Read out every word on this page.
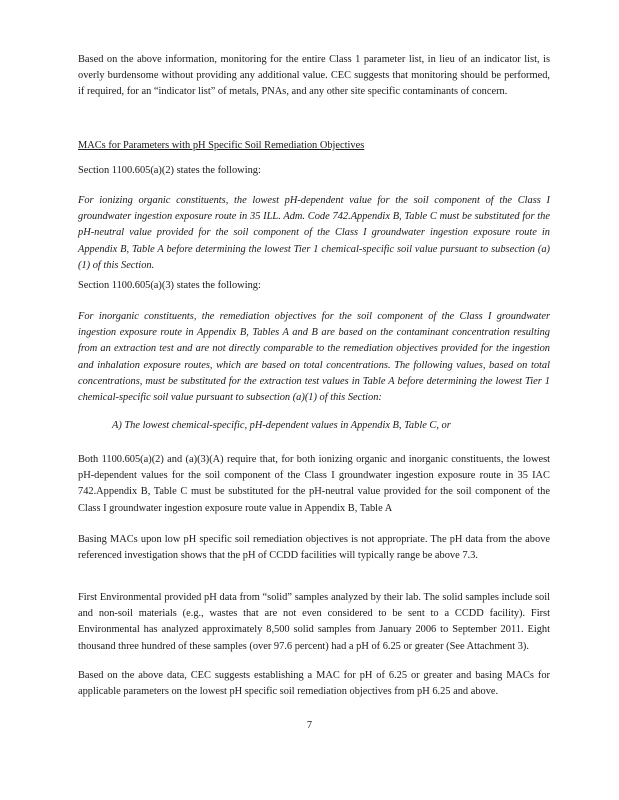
Based on the above information, monitoring for the entire Class 1 parameter list, in lieu of an indicator list, is overly burdensome without providing any additional value. CEC suggests that monitoring should be performed, if required, for an “indicator list” of metals, PNAs, and any other site specific contaminants of concern.

MACs for Parameters with pH Specific Soil Remediation Objectives

Section 1100.605(a)(2) states the following:

For ionizing organic constituents, the lowest pH-dependent value for the soil component of the Class I groundwater ingestion exposure route in 35 ILL. Adm. Code 742.Appendix B, Table C must be substituted for the pH-neutral value provided for the soil component of the Class I groundwater ingestion exposure route in Appendix B, Table A before determining the lowest Tier 1 chemical-specific soil value pursuant to subsection (a)(1) of this Section.

Section 1100.605(a)(3) states the following:

For inorganic constituents, the remediation objectives for the soil component of the Class I groundwater ingestion exposure route in Appendix B, Tables A and B are based on the contaminant concentration resulting from an extraction test and are not directly comparable to the remediation objectives provided for the ingestion and inhalation exposure routes, which are based on total concentrations. The following values, based on total concentrations, must be substituted for the extraction test values in Table A before determining the lowest Tier 1 chemical-specific soil value pursuant to subsection (a)(1) of this Section:

A) The lowest chemical-specific, pH-dependent values in Appendix B, Table C, or

Both 1100.605(a)(2) and (a)(3)(A) require that, for both ionizing organic and inorganic constituents, the lowest pH-dependent values for the soil component of the Class I groundwater ingestion exposure route in 35 IAC 742.Appendix B, Table C must be substituted for the pH-neutral value provided for the soil component of the Class I groundwater ingestion exposure route value in Appendix B, Table A

Basing MACs upon low pH specific soil remediation objectives is not appropriate. The pH data from the above referenced investigation shows that the pH of CCDD facilities will typically range be above 7.3.

First Environmental provided pH data from “solid” samples analyzed by their lab. The solid samples include soil and non-soil materials (e.g., wastes that are not even considered to be sent to a CCDD facility). First Environmental has analyzed approximately 8,500 solid samples from January 2006 to September 2011. Eight thousand three hundred of these samples (over 97.6 percent) had a pH of 6.25 or greater (See Attachment 3).

Based on the above data, CEC suggests establishing a MAC for pH of 6.25 or greater and basing MACs for applicable parameters on the lowest pH specific soil remediation objectives from pH 6.25 and above.

7
